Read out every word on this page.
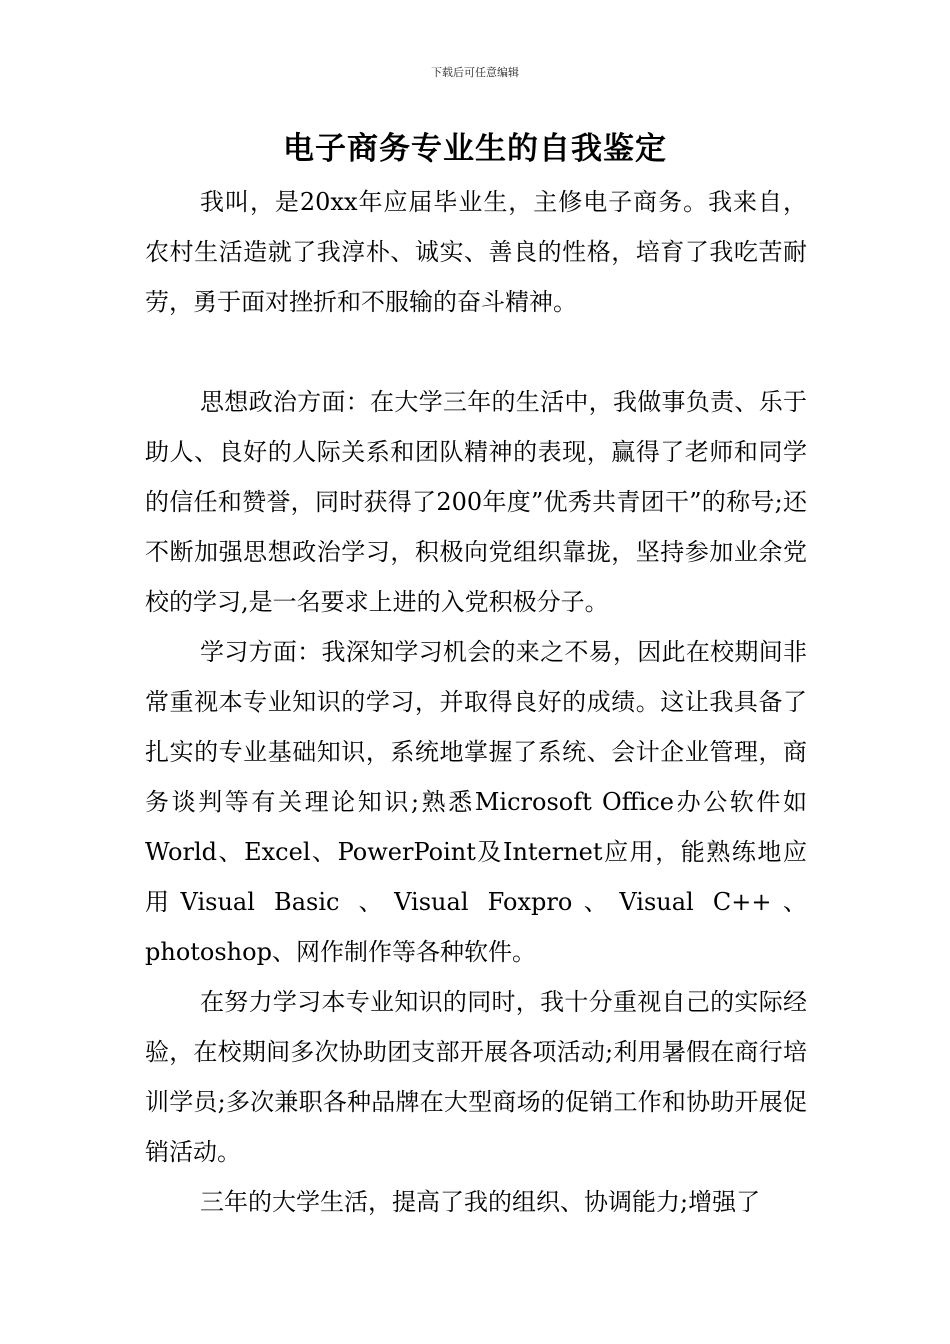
下载后可任意编辑
电子商务专业生的自我鉴定

我叫，是20xx年应届毕业生，主修电子商务。我来自，农村生活造就了我淳朴、诚实、善良的性格，培育了我吃苦耐劳，勇于面对挫折和不服输的奋斗精神。

思想政治方面：在大学三年的生活中，我做事负责、乐于助人、良好的人际关系和团队精神的表现，赢得了老师和同学的信任和赞誉，同时获得了200年度”优秀共青团干”的称号;还不断加强思想政治学习，积极向党组织靠拢，坚持参加业余党校的学习,是一名要求上进的入党积极分子。

学习方面：我深知学习机会的来之不易，因此在校期间非常重视本专业知识的学习，并取得良好的成绩。这让我具备了扎实的专业基础知识，系统地掌握了系统、会计企业管理，商务谈判等有关理论知识;熟悉Microsoft Office办公软件如World、Excel、PowerPoint及Internet应用，能熟练地应用Visual Basic 、Visual Foxpro、Visual C++、photoshop、网作制作等各种软件。

在努力学习本专业知识的同时，我十分重视自己的实际经验，在校期间多次协助团支部开展各项活动;利用暑假在商行培训学员;多次兼职各种品牌在大型商场的促销工作和协助开展促销活动。

三年的大学生活，提高了我的组织、协调能力;增强了
